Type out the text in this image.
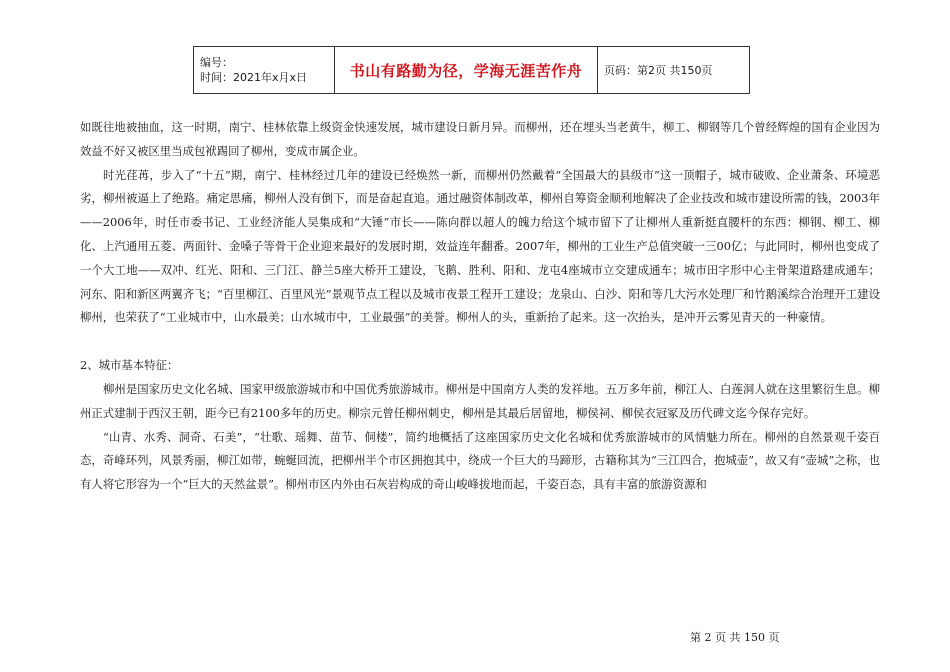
编号：
时间：2021年x月x日	书山有路勤为径，学海无涯苦作舟	页码：第2页 共150页

如既往地被抽血，这一时期，南宁、桂林依靠上级资金快速发展，城市建设日新月异。而柳州，还在埋头当老黄牛，柳工、柳钢等几个曾经辉煌的国有企业因为效益不好又被区里当成包袱踢回了柳州，变成市属企业。

时光荏苒，步入了“十五”期，南宁、桂林经过几年的建设已经焕然一新，而柳州仍然戴着“全国最大的县级市”这一顶帽子，城市破败、企业萧条、环境恶劣，柳州被逼上了绝路。痛定思痛，柳州人没有倒下，而是奋起直追。通过融资体制改革，柳州自筹资金顺利地解决了企业技改和城市建设所需的钱，2003年——2006年，时任市委书记、工业经济能人吴集成和“大锤”市长——陈向群以超人的魄力给这个城市留下了让柳州人重新挺直腰杆的东西：柳钢、柳工、柳化、上汽通用五菱、两面针、金嗓子等骨干企业迎来最好的发展时期，效益连年翻番。2007年，柳州的工业生产总值突破一三00亿；与此同时，柳州也变成了一个大工地——双冲、红光、阳和、三门江、静兰5座大桥开工建设，飞鹅、胜利、阳和、龙屯4座城市立交建成通车；城市田字形中心主骨架道路建成通车；河东、阳和新区两翼齐飞；“百里柳江、百里风光”景观节点工程以及城市夜景工程开工建设；龙泉山、白沙、阳和等几大污水处理厂和竹鹅溪综合治理开工建设柳州，也荣获了“工业城市中，山水最美；山水城市中，工业最强”的美誉。柳州人的头，重新抬了起来。这一次抬头，是冲开云雾见青天的一种豪情。

2、城市基本特征：

柳州是国家历史文化名城、国家甲级旅游城市和中国优秀旅游城市。柳州是中国南方人类的发祥地。五万多年前，柳江人、白莲洞人就在这里繁衍生息。柳州正式建制于西汉王朝，距今已有2100多年的历史。柳宗元曾任柳州刺史，柳州是其最后居留地，柳侯祠、柳侯衣冠冢及历代碑文迄今保存完好。

“山青、水秀、洞奇、石美”，“壮歌、瑶舞、苗节、侗楼”，简约地概括了这座国家历史文化名城和优秀旅游城市的风情魅力所在。柳州的自然景观千姿百态，奇峰环列，风景秀丽，柳江如带，蜿蜒回流，把柳州半个市区拥抱其中，绕成一个巨大的马蹄形，古籍称其为“三江四合，抱城壶”，故又有“壶城”之称，也有人将它形容为一个“巨大的天然盆景”。柳州市区内外由石灰岩构成的奇山峻峰拔地而起，千姿百态，具有丰富的旅游资源和

第 2 页 共 150 页
